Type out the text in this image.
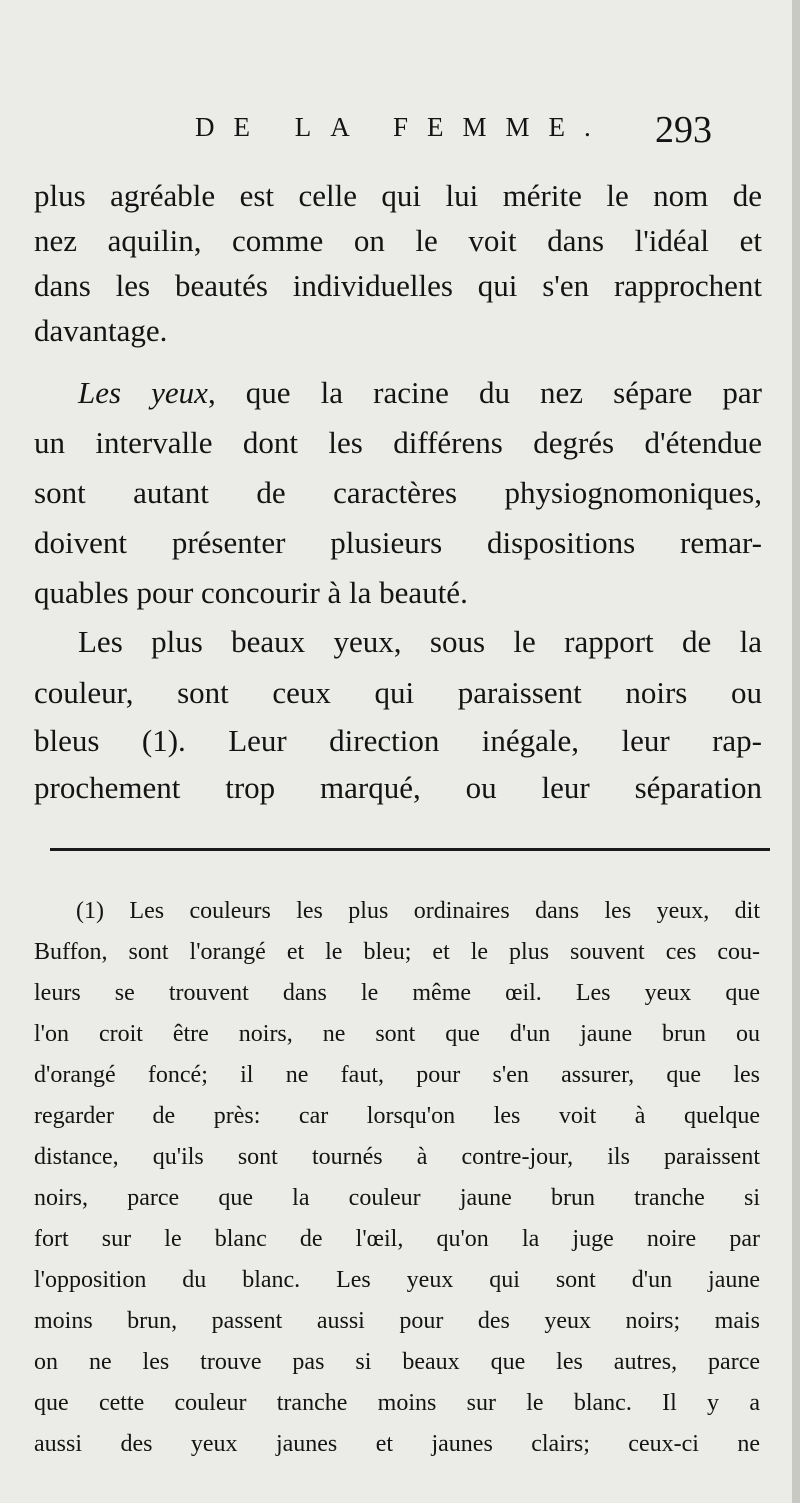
DE LA FEMME. 293
plus agréable est celle qui lui mérite le nom de
nez aquilin, comme on le voit dans l'idéal et
dans les beautés individuelles qui s'en rapprochent
davantage.
Les yeux, que la racine du nez sépare par
un intervalle dont les différens degrés d'étendue
sont autant de caractères physiognomoniques,
doivent présenter plusieurs dispositions remar-
quables pour concourir à la beauté.
Les plus beaux yeux, sous le rapport de la
couleur, sont ceux qui paraissent noirs ou
bleus (1). Leur direction inégale, leur rap-
prochement trop marqué, ou leur séparation
(1) Les couleurs les plus ordinaires dans les yeux, dit
Buffon, sont l'orangé et le bleu; et le plus souvent ces cou-
leurs se trouvent dans le même œil. Les yeux que
l'on croit être noirs, ne sont que d'un jaune brun ou
d'orangé foncé; il ne faut, pour s'en assurer, que les
regarder de près: car lorsqu'on les voit à quelque
distance, qu'ils sont tournés à contre-jour, ils paraissent
noirs, parce que la couleur jaune brun tranche si
fort sur le blanc de l'œil, qu'on la juge noire par
l'opposition du blanc. Les yeux qui sont d'un jaune
moins brun, passent aussi pour des yeux noirs; mais
on ne les trouve pas si beaux que les autres, parce
que cette couleur tranche moins sur le blanc. Il y a
aussi des yeux jaunes et jaunes clairs; ceux-ci ne
